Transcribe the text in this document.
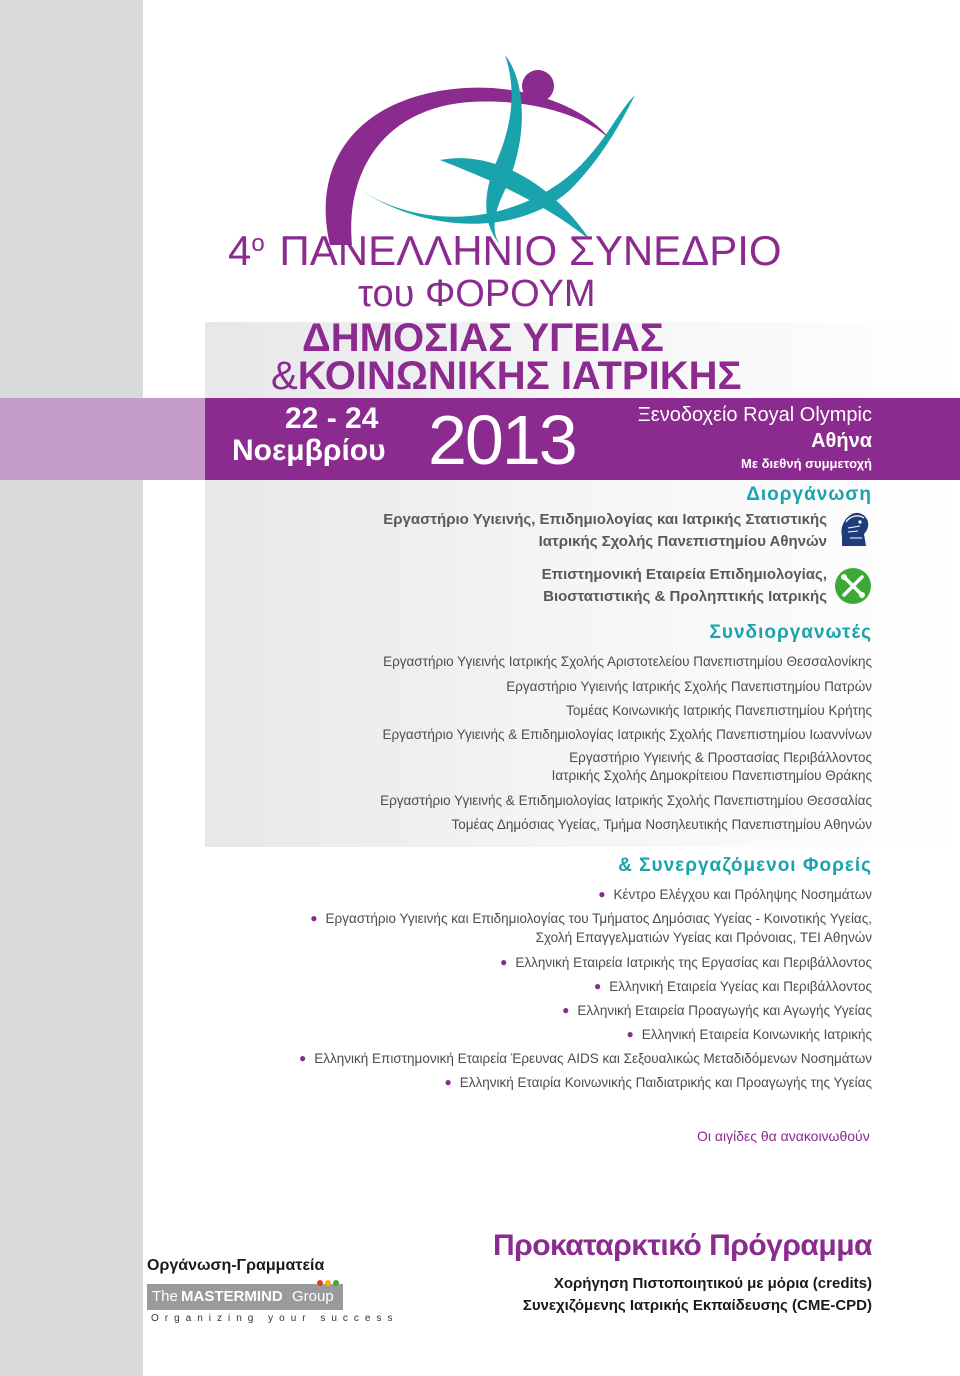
$4^o$ ΠΑΝΕΛΛΗΝΙΟ ΣΥΝΕΔΡΙΟ
του ΦΟΡΟΥΜ
ΔΗΜΟΣΙΑΣ ΥΓΕΙΑΣ
&ΚΟΙΝΩΝΙΚΗΣ ΙΑΤΡΙΚΗΣ
22 - 24
Νοεμβρίου 2013	Ξενοδοχείο Royal Olympic
Αθήνα
Με διεθνή συμμετοχή
Διοργάνωση
Εργαστήριο Υγιεινής, Επιδημιολογίας και Ιατρικής Στατιστικής
Ιατρικής Σχολής Πανεπιστημίου Αθηνών
Επιστημονική Εταιρεία Επιδημιολογίας,
Βιοστατιστικής & Προληπτικής Ιατρικής
Συνδιοργανωτές
Εργαστήριο Υγιεινής Ιατρικής Σχολής Αριστοτελείου Πανεπιστημίου Θεσσαλονίκης
Εργαστήριο Υγιεινής Ιατρικής Σχολής Πανεπιστημίου Πατρών
Τομέας Κοινωνικής Ιατρικής Πανεπιστημίου Κρήτης
Εργαστήριο Υγιεινής & Επιδημιολογίας Ιατρικής Σχολής Πανεπιστημίου Ιωαννίνων
Εργαστήριο Υγιεινής & Προστασίας Περιβάλλοντος
Ιατρικής Σχολής Δημοκρίτειου Πανεπιστημίου Θράκης
Εργαστήριο Υγιεινής & Επιδημιολογίας Ιατρικής Σχολής Πανεπιστημίου Θεσσαλίας
Τομέας Δημόσιας Υγείας, Τμήμα Νοσηλευτικής Πανεπιστημίου Αθηνών
& Συνεργαζόμενοι Φορείς
● Κέντρο Ελέγχου και Πρόληψης Νοσημάτων
● Εργαστήριο Υγιεινής και Επιδημιολογίας του Τμήματος Δημόσιας Υγείας - Κοινοτικής Υγείας,
Σχολή Επαγγελματιών Υγείας και Πρόνοιας, ΤΕΙ Αθηνών
● Ελληνική Εταιρεία Ιατρικής της Εργασίας και Περιβάλλοντος
● Ελληνική Εταιρεία Υγείας και Περιβάλλοντος
● Ελληνική Εταιρεία Προαγωγής και Αγωγής Υγείας
● Ελληνική Εταιρεία Κοινωνικής Ιατρικής
● Ελληνική Επιστημονική Εταιρεία Έρευνας AIDS και Σεξουαλικώς Μεταδιδόμενων Νοσημάτων
● Ελληνική Εταιρία Κοινωνικής Παιδιατρικής και Προαγωγής της Υγείας
Οι αιγίδες θα ανακοινωθούν
Προκαταρκτικό Πρόγραμμα
Χορήγηση Πιστοποιητικού με μόρια (credits)
Συνεχιζόμενης Ιατρικής Εκπαίδευσης (CME-CPD)
Οργάνωση-Γραμματεία
The MASTERMIND Group
Organizing your success
